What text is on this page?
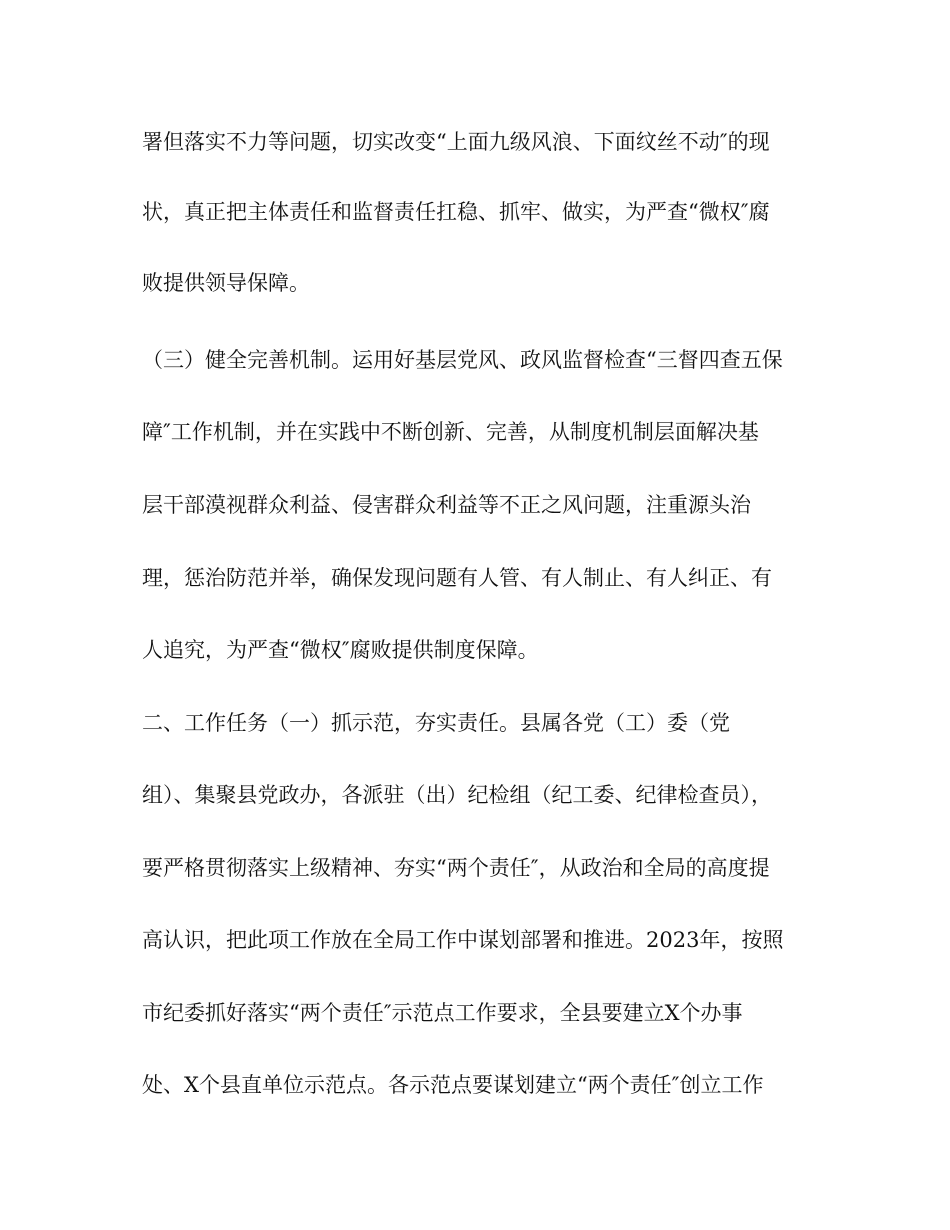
署但落实不力等问题，切实改变“上面九级风浪、下面纹丝不动″的现
状，真正把主体责任和监督责任扛稳、抓牢、做实，为严查“微权″腐
败提供领导保障。
（三）健全完善机制。运用好基层党风、政风监督检查“三督四查五保
障″工作机制，并在实践中不断创新、完善，从制度机制层面解决基
层干部漠视群众利益、侵害群众利益等不正之风问题，注重源头治
理，惩治防范并举，确保发现问题有人管、有人制止、有人纠正、有
人追究，为严查“微权″腐败提供制度保障。
二、工作任务（一）抓示范，夯实责任。县属各党（工）委（党
组）、集聚县党政办，各派驻（出）纪检组（纪工委、纪律检查员），
要严格贯彻落实上级精神、夯实“两个责任″，从政治和全局的高度提
高认识，把此项工作放在全局工作中谋划部署和推进。2023年，按照
市纪委抓好落实“两个责任″示范点工作要求，全县要建立X个办事
处、X个县直单位示范点。各示范点要谋划建立“两个责任″创立工作
